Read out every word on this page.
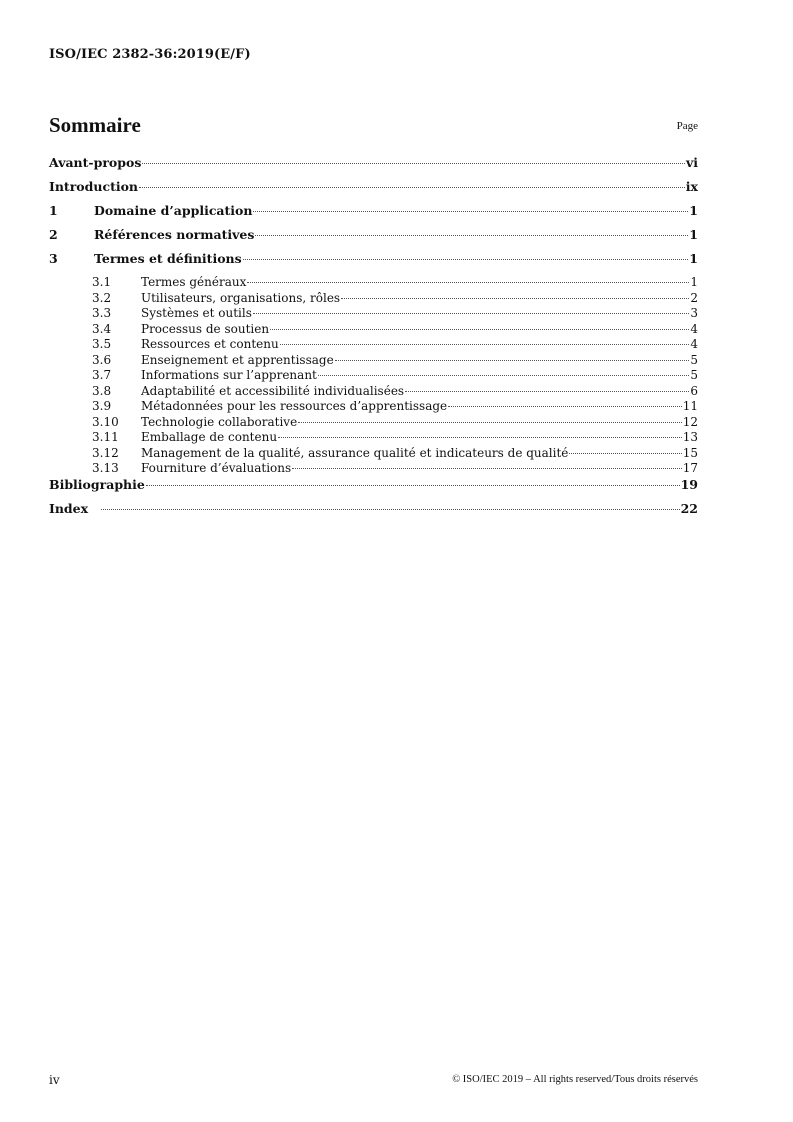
ISO/IEC 2382-36:2019(E/F)
Sommaire	Page
Avant-propos	vi
Introduction	ix
1	Domaine d’application	1
2	Références normatives	1
3	Termes et définitions	1
3.1	Termes généraux	1
3.2	Utilisateurs, organisations, rôles	2
3.3	Systèmes et outils	3
3.4	Processus de soutien	4
3.5	Ressources et contenu	4
3.6	Enseignement et apprentissage	5
3.7	Informations sur l’apprenant	5
3.8	Adaptabilité et accessibilité individualisées	6
3.9	Métadonnées pour les ressources d’apprentissage	11
3.10	Technologie collaborative	12
3.11	Emballage de contenu	13
3.12	Management de la qualité, assurance qualité et indicateurs de qualité	15
3.13	Fourniture d’évaluations	17
Bibliographie	19
Index	22
iv	© ISO/IEC 2019 – All rights reserved/Tous droits réservés
